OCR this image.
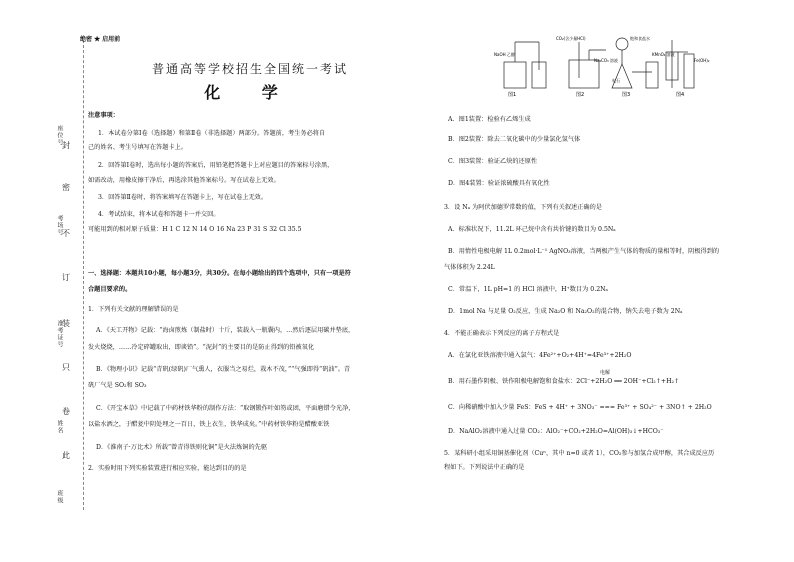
封
密
不
订
装
只
卷
此
班级
姓名
准考证号
考场号
座位号
绝密 ★ 启用前
普通高等学校招生全国统一考试
化 学
注意事项：
1．本试卷分第Ⅰ卷（选择题）和第Ⅱ卷（非选择题）两部分。答题前，考生务必将自
己的姓名、考生号填写在答题卡上。
2．回答第Ⅰ卷时，选出每小题的答案后，用铅笔把答题卡上对应题目的答案标号涂黑，
如需改动，用橡皮擦干净后，再选涂其他答案标号。写在试卷上无效。
3．回答第Ⅱ卷时，将答案填写在答题卡上，写在试卷上无效。
4．考试结束，将本试卷和答题卡一并交回。
可能用到的相对原子质量：H 1 C 12 N 14 O 16 Na 23 P 31 S 32 Cl 35.5
一、选择题：本题共10小题，每小题3分，共30分。在每小题给出的四个选项中，只有一项是符
合题目要求的。
1．下列有关文献的理解错误的是
A．《天工开物》记载：“海卤煎炼（制盐时）十斤，装载入一瓶囊内，…然后逐层用碳并垫底，
发火烧烧，……冷定碎罐取出，即谈铅”。“泥封”的主要目的是防止得到的铅被氧化
B．《物理小识》记载“青矾(绿矾)厂气熏人，衣服当之易烂，栽木不茂，”“气强即得“矾油”。青
矾厂气是 SO₂和 SO₃
C．《开宝本草》中记载了中药材铁华粉的制作方法：“取钢锻作叶如笏或团，平面磨错令光净，
以盐水洒之，于醋瓮中阴处埋之一百日，铁上衣生，铁华成矣。”中药材铁华粉是醋酸亚铁
D．《淮南子·万比术》所载“曾青得铁则化铜”是火法炼铜的先驱
2．实验时用下列实验装置进行相应实验，能达到目的的是
图1	图2	图3	图4
NaOH 乙醇
CO₂(含少量HCl)
Na₂CO₃ 溶液
饱和食盐水
电石
KMnO₄ 溶液
Fe(OH)₂
A．图1装置：检验有乙烯生成
B．图2装置：除去二氧化碳中的少量氯化氢气体
C．图3装置：验证乙炔的还原性
D．图4装置：验证浓硫酸具有氧化性
3．设 Nₐ 为阿伏加德罗常数的值，下列有关叙述正确的是
A．标准状况下，11.2L 环己烷中含有共价键的数目为 0.5Nₐ
B．用惰性电极电解 1L 0.2mol·L⁻¹ AgNO₃溶液，当两极产生气体的物质的量相等时，阴极得到的
气体体积为 2.24L
C．常温下，1L pH=1 的 HCl 溶液中，H⁺数目为 0.2Nₐ
D．1mol Na 与足量 O₂反应，生成 Na₂O 和 Na₂O₂的混合物，钠失去电子数为 2Nₐ
4．不能正确表示下列反应的离子方程式是
A．在氯化亚铁溶液中通入氯气：4Fe²⁺+O₂+4H⁺=4Fe³⁺+2H₂O
B．用石墨作阴极、铁作阳极电解饱和食盐水：2Cl⁻+2H₂O ══ 2OH⁻+Cl₂↑+H₂↑
电解
C．向稀硝酸中加入少量 FeS：FeS + 4H⁺ + 3NO₃⁻ === Fe³⁺ + SO₄²⁻ + 3NO↑ + 2H₂O
D．NaAlO₂溶液中通入过量 CO₂：AlO₂⁻+CO₂+2H₂O=Al(OH)₃↓+HCO₃⁻
5．某科研小组采用铜基催化剂（Cuⁿ，其中 n=0 或者 1），CO₂参与加氢合成甲醇，其合成反应历
程如下。下列说法中正确的是
